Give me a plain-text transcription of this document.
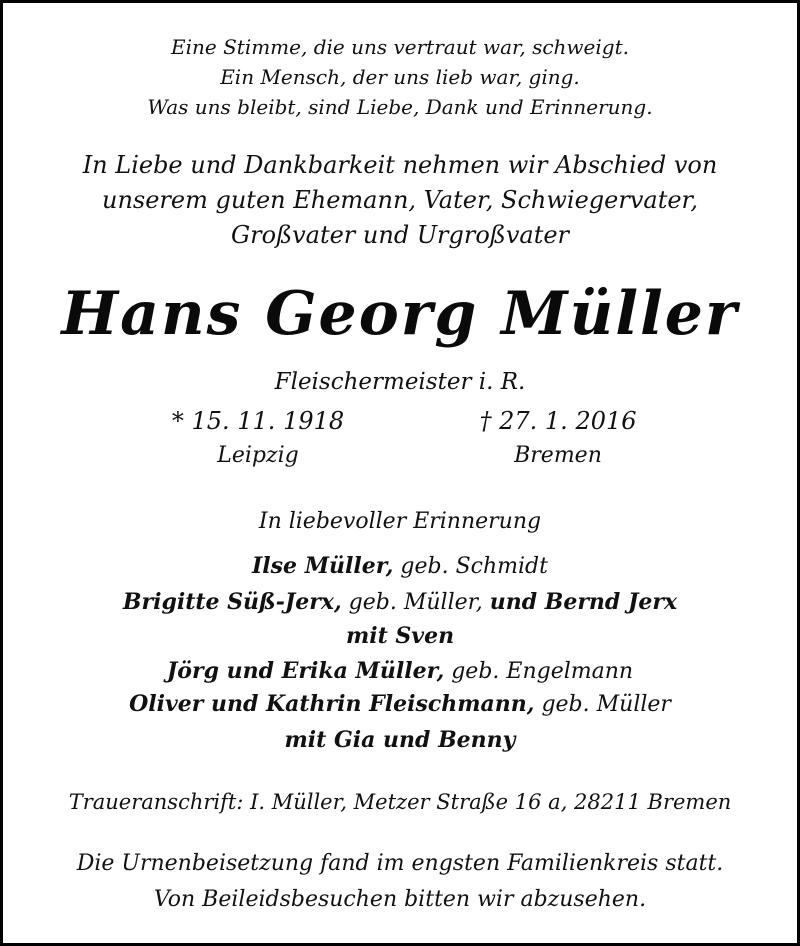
Eine Stimme, die uns vertraut war, schweigt.
Ein Mensch, der uns lieb war, ging.
Was uns bleibt, sind Liebe, Dank und Erinnerung.
In Liebe und Dankbarkeit nehmen wir Abschied von
unserem guten Ehemann, Vater, Schwiegervater,
Großvater und Urgroßvater
Hans Georg Müller
Fleischermeister i. R.
* 15. 11. 1918	† 27. 1. 2016
Leipzig	Bremen
In liebevoller Erinnerung
Ilse Müller, geb. Schmidt
Brigitte Süß-Jerx, geb. Müller, und Bernd Jerx
mit Sven
Jörg und Erika Müller, geb. Engelmann
Oliver und Kathrin Fleischmann, geb. Müller
mit Gia und Benny
Traueranschrift: I. Müller, Metzer Straße 16 a, 28211 Bremen
Die Urnenbeisetzung fand im engsten Familienkreis statt.
Von Beileidsbesuchen bitten wir abzusehen.
